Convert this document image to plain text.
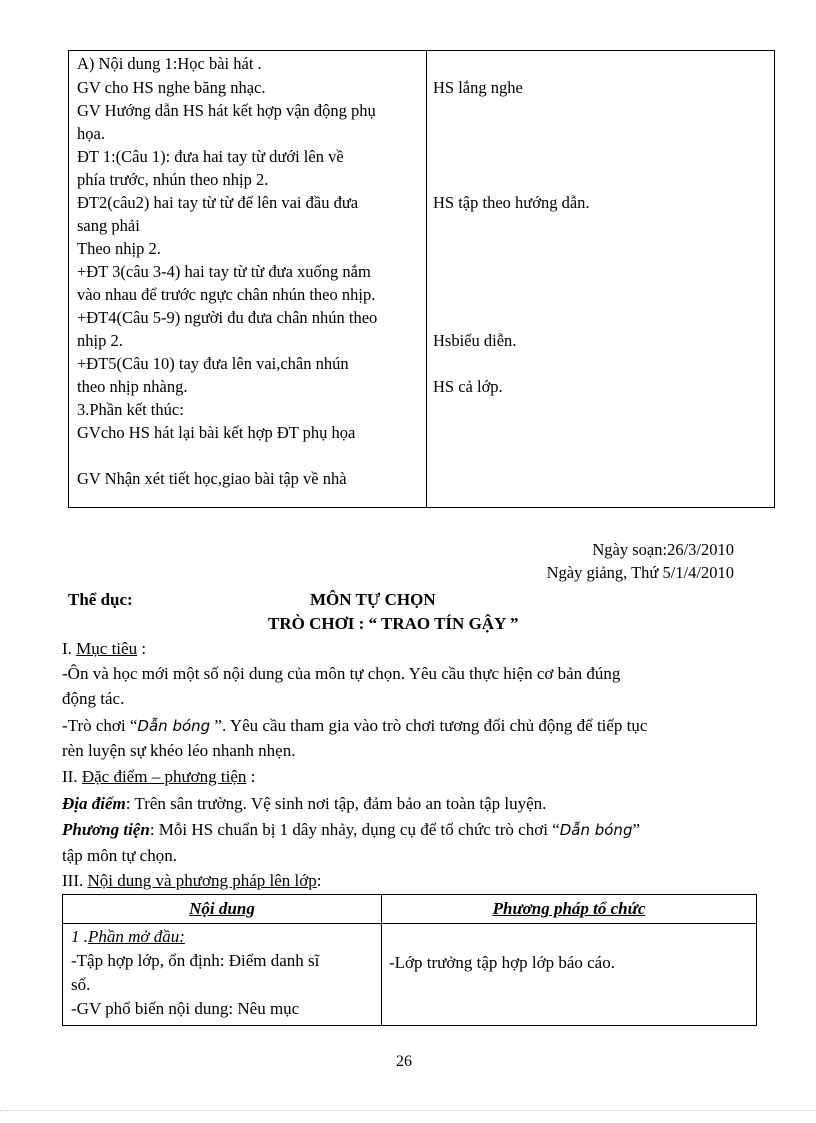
A) Nội dung 1:Học bài hát .
GV cho HS nghe băng nhạc.
GV Hướng dẫn HS hát kết hợp vận động phụ
họa.
ĐT 1:(Câu 1): đưa hai tay từ dưới lên về
phía trước, nhún theo nhịp 2.
ĐT2(câu2) hai tay từ từ để lên vai đầu đưa
sang phải
Theo nhịp 2.
+ĐT 3(câu 3-4) hai tay từ từ đưa xuống nắm
vào nhau để trước ngực chân nhún theo nhịp.
+ĐT4(Câu 5-9) người đu đưa chân nhún theo
nhịp 2.
+ĐT5(Câu 10) tay đưa lên vai,chân nhún
theo nhịp nhàng.
3.Phần kết thúc:
GVcho HS hát lại bài kết hợp ĐT phụ họa
GV Nhận xét tiết học,giao bài tập về nhà
HS lắng nghe
HS tập theo hướng dẫn.
Hsbiểu diễn.
HS cả lớp.
Ngày soạn:26/3/2010
Ngày giảng, Thứ 5/1/4/2010
Thể dục:	MÔN TỰ CHỌN
TRÒ CHƠI : “ TRAO TÍN GẬY ”
I. Mục tiêu :
-Ôn và học mới một số nội dung của môn tự chọn. Yêu cầu thực hiện cơ bản đúng
động tác.
-Trò chơi “Dẫn bóng ”. Yêu cầu tham gia vào trò chơi tương đối chủ động để tiếp tục
rèn luyện sự khéo léo nhanh nhẹn.
II. Đặc điểm – phương tiện :
Địa điểm: Trên sân trường. Vệ sinh nơi tập, đảm bảo an toàn tập luyện.
Phương tiện: Mỗi HS chuẩn bị 1 dây nhảy, dụng cụ để tổ chức trò chơi “Dẫn bóng”
tập môn tự chọn.
III. Nội dung và phương pháp lên lớp:
Nội dung	Phương pháp tổ chức
1 .Phần mở đầu:
-Tập hợp lớp, ổn định: Điểm danh sĩ
số.
-GV phổ biến nội dung: Nêu mục
-Lớp trưởng tập hợp lớp báo cáo.
26
